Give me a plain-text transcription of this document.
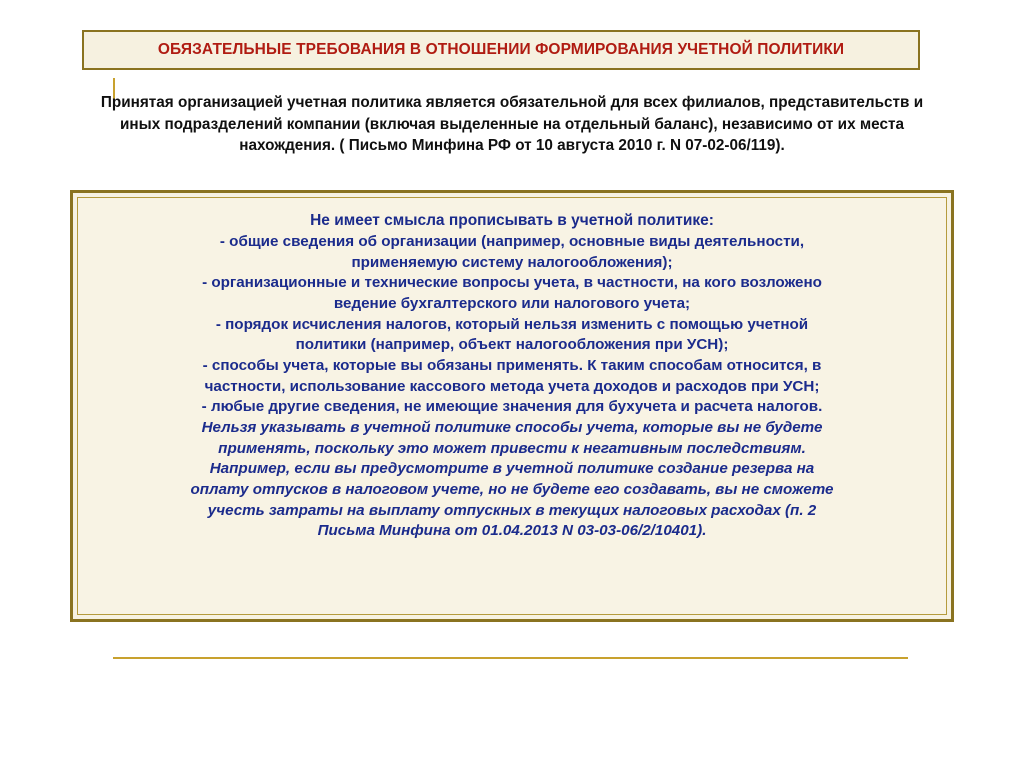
ОБЯЗАТЕЛЬНЫЕ ТРЕБОВАНИЯ В ОТНОШЕНИИ ФОРМИРОВАНИЯ УЧЕТНОЙ ПОЛИТИКИ

Принятая организацией учетная политика является обязательной для всех филиалов, представительств и иных подразделений компании (включая выделенные на отдельный баланс), независимо от их места нахождения. ( Письмо Минфина РФ от 10 августа 2010 г. N 07-02-06/119).

Не имеет смысла прописывать в учетной политике:
- общие сведения об организации (например, основные виды деятельности,
применяемую систему налогообложения);
- организационные и технические вопросы учета, в частности, на кого возложено
ведение бухгалтерского или налогового учета;
- порядок исчисления налогов, который нельзя изменить с помощью учетной
политики (например, объект налогообложения при УСН);
- способы учета, которые вы обязаны применять. К таким способам относится, в
частности, использование кассового метода учета доходов и расходов при УСН;
- любые другие сведения, не имеющие значения для бухучета и расчета налогов.
Нельзя указывать в учетной политике способы учета, которые вы не будете
применять, поскольку это может привести к негативным последствиям.
Например, если вы предусмотрите в учетной политике создание резерва на
оплату отпусков в налоговом учете, но не будете его создавать, вы не сможете
учесть затраты на выплату отпускных в текущих налоговых расходах (п. 2
Письма Минфина от 01.04.2013 N 03-03-06/2/10401).
